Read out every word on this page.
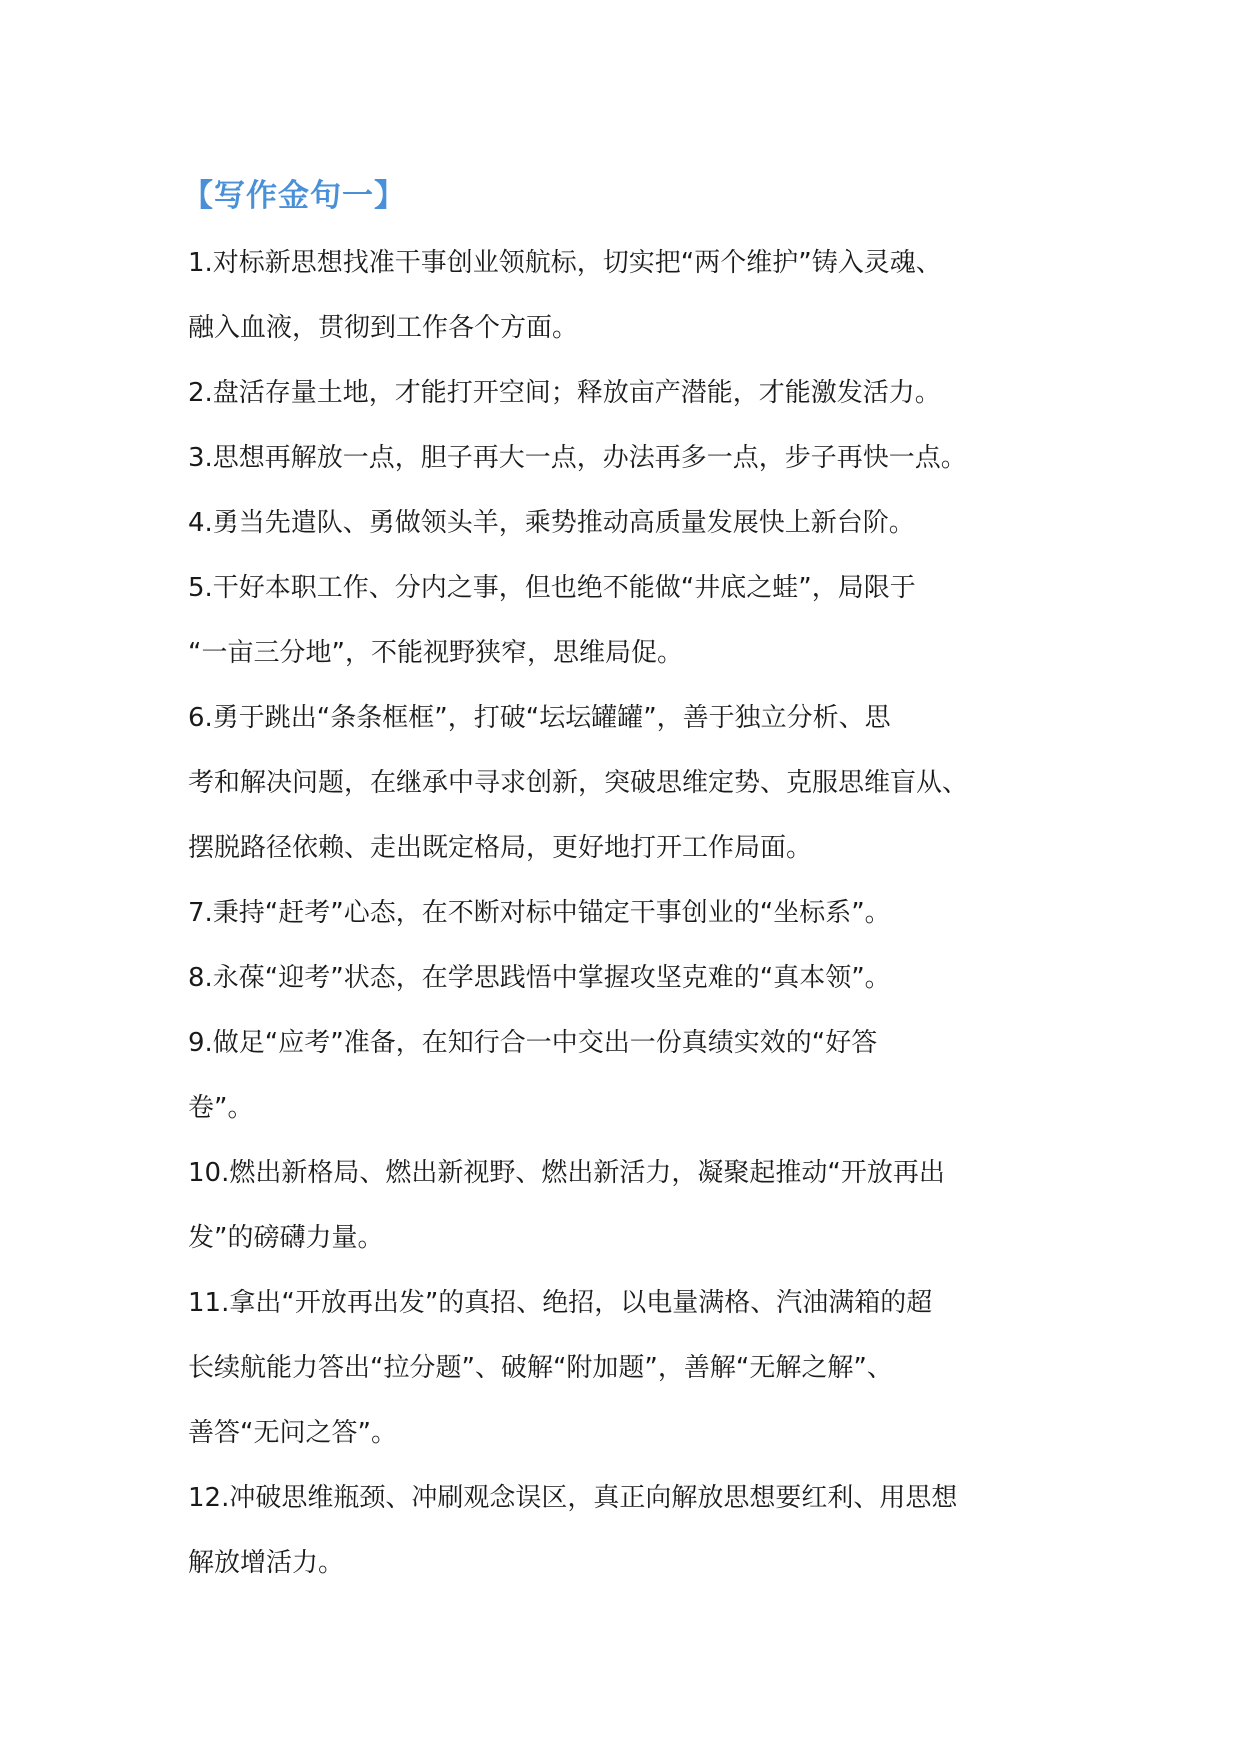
【写作金句一】
1.对标新思想找准干事创业领航标，切实把“两个维护”铸入灵魂、
融入血液，贯彻到工作各个方面。
2.盘活存量土地，才能打开空间；释放亩产潜能，才能激发活力。
3.思想再解放一点，胆子再大一点，办法再多一点，步子再快一点。
4.勇当先遣队、勇做领头羊，乘势推动高质量发展快上新台阶。
5.干好本职工作、分内之事，但也绝不能做“井底之蛙”，局限于
“一亩三分地”，不能视野狭窄，思维局促。
6.勇于跳出“条条框框”，打破“坛坛罐罐”，善于独立分析、思
考和解决问题，在继承中寻求创新，突破思维定势、克服思维盲从、
摆脱路径依赖、走出既定格局，更好地打开工作局面。
7.秉持“赶考”心态，在不断对标中锚定干事创业的“坐标系”。
8.永葆“迎考”状态，在学思践悟中掌握攻坚克难的“真本领”。
9.做足“应考”准备，在知行合一中交出一份真绩实效的“好答
卷”。
10.燃出新格局、燃出新视野、燃出新活力，凝聚起推动“开放再出
发”的磅礴力量。
11.拿出“开放再出发”的真招、绝招，以电量满格、汽油满箱的超
长续航能力答出“拉分题”、破解“附加题”，善解“无解之解”、
善答“无问之答”。
12.冲破思维瓶颈、冲刷观念误区，真正向解放思想要红利、用思想
解放增活力。
